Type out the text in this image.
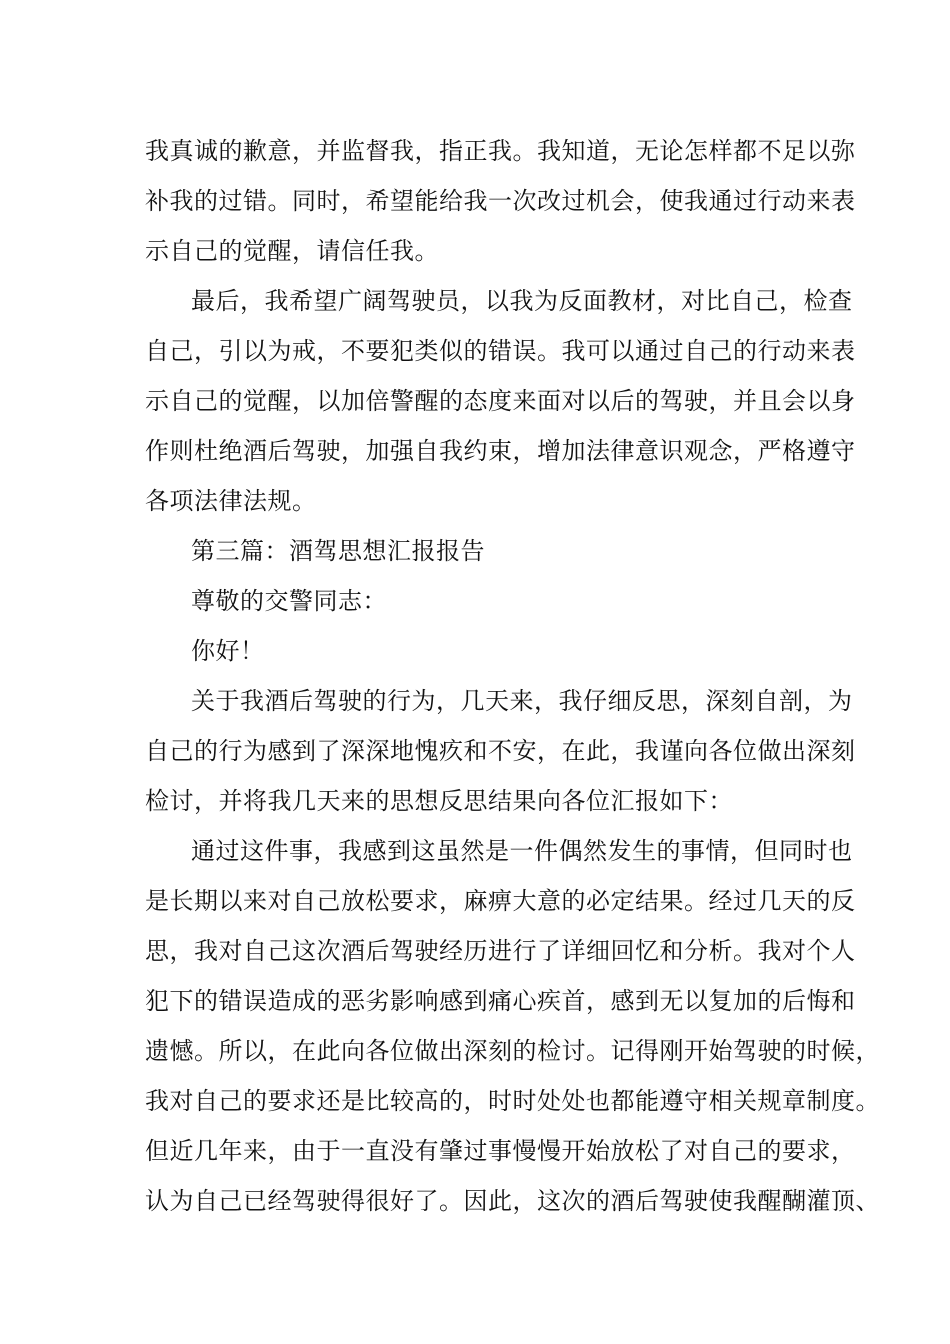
我真诚的歉意，并监督我，指正我。我知道，无论怎样都不足以弥
补我的过错。同时，希望能给我一次改过机会，使我通过行动来表
示自己的觉醒，请信任我。
最后，我希望广阔驾驶员，以我为反面教材，对比自己，检查
自己，引以为戒，不要犯类似的错误。我可以通过自己的行动来表
示自己的觉醒，以加倍警醒的态度来面对以后的驾驶，并且会以身
作则杜绝酒后驾驶，加强自我约束，增加法律意识观念，严格遵守
各项法律法规。
第三篇：酒驾思想汇报报告
尊敬的交警同志：
你好！
关于我酒后驾驶的行为，几天来，我仔细反思，深刻自剖，为
自己的行为感到了深深地愧疚和不安，在此，我谨向各位做出深刻
检讨，并将我几天来的思想反思结果向各位汇报如下：
通过这件事，我感到这虽然是一件偶然发生的事情，但同时也
是长期以来对自己放松要求，麻痹大意的必定结果。经过几天的反
思，我对自己这次酒后驾驶经历进行了详细回忆和分析。我对个人
犯下的错误造成的恶劣影响感到痛心疾首，感到无以复加的后悔和
遗憾。所以，在此向各位做出深刻的检讨。记得刚开始驾驶的时候，
我对自己的要求还是比较高的，时时处处也都能遵守相关规章制度。
但近几年来，由于一直没有肇过事慢慢开始放松了对自己的要求，
认为自己已经驾驶得很好了。因此，这次的酒后驾驶使我醒醐灌顶、
